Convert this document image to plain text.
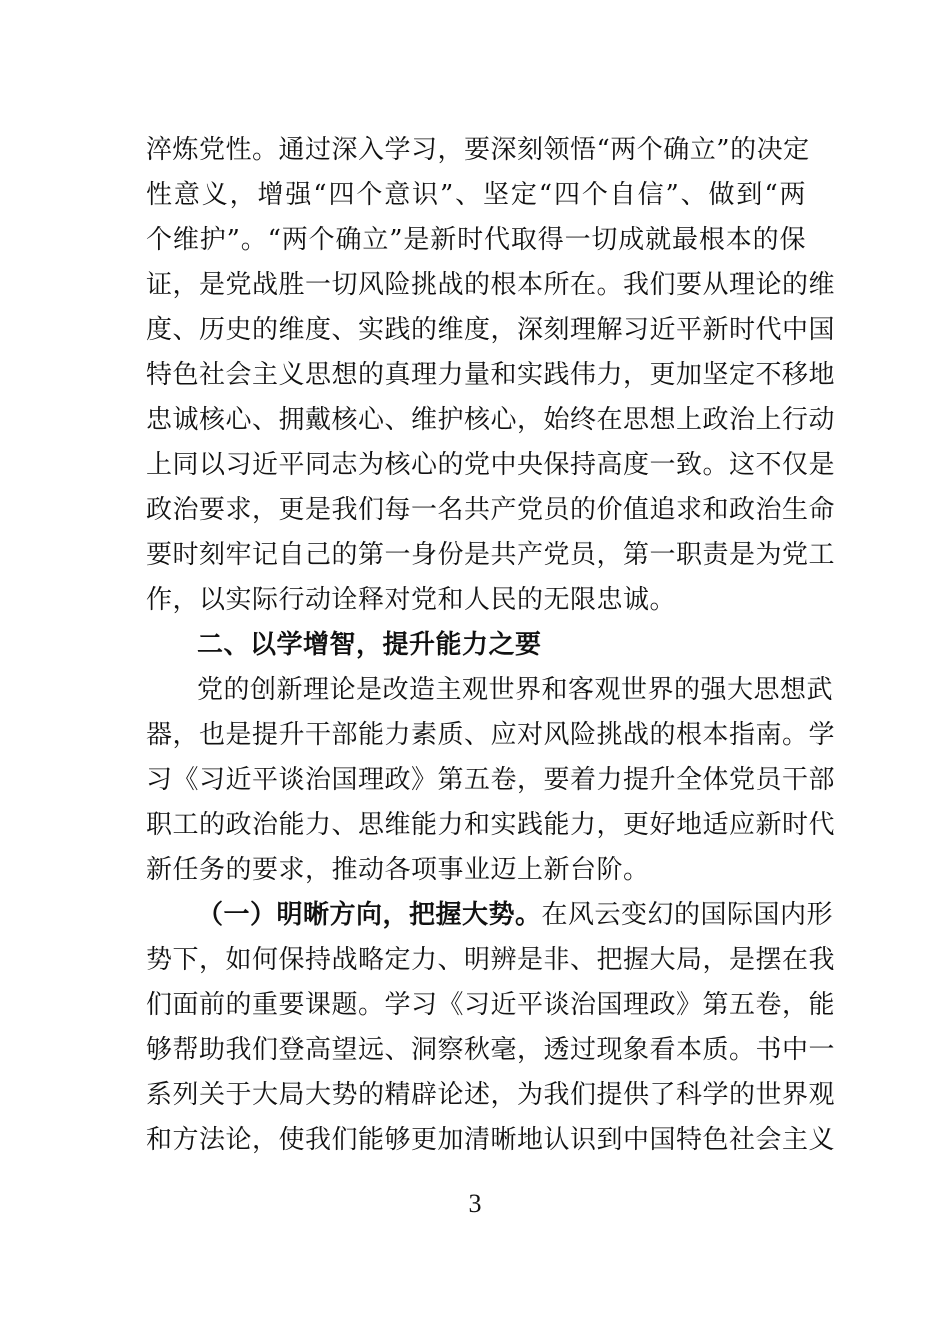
淬炼党性。通过深入学习，要深刻领悟“两个确立”的决定
性意义，增强“四个意识”、坚定“四个自信”、做到“两
个维护”。“两个确立”是新时代取得一切成就最根本的保
证，是党战胜一切风险挑战的根本所在。我们要从理论的维
度、历史的维度、实践的维度，深刻理解习近平新时代中国
特色社会主义思想的真理力量和实践伟力，更加坚定不移地
忠诚核心、拥戴核心、维护核心，始终在思想上政治上行动
上同以习近平同志为核心的党中央保持高度一致。这不仅是
政治要求，更是我们每一名共产党员的价值追求和政治生命
要时刻牢记自己的第一身份是共产党员，第一职责是为党工
作，以实际行动诠释对党和人民的无限忠诚。
二、以学增智，提升能力之要
党的创新理论是改造主观世界和客观世界的强大思想武
器，也是提升干部能力素质、应对风险挑战的根本指南。学
习《习近平谈治国理政》第五卷，要着力提升全体党员干部
职工的政治能力、思维能力和实践能力，更好地适应新时代
新任务的要求，推动各项事业迈上新台阶。
（一）明晰方向，把握大势。在风云变幻的国际国内形
势下，如何保持战略定力、明辨是非、把握大局，是摆在我
们面前的重要课题。学习《习近平谈治国理政》第五卷，能
够帮助我们登高望远、洞察秋毫，透过现象看本质。书中一
系列关于大局大势的精辟论述，为我们提供了科学的世界观
和方法论，使我们能够更加清晰地认识到中国特色社会主义
3
